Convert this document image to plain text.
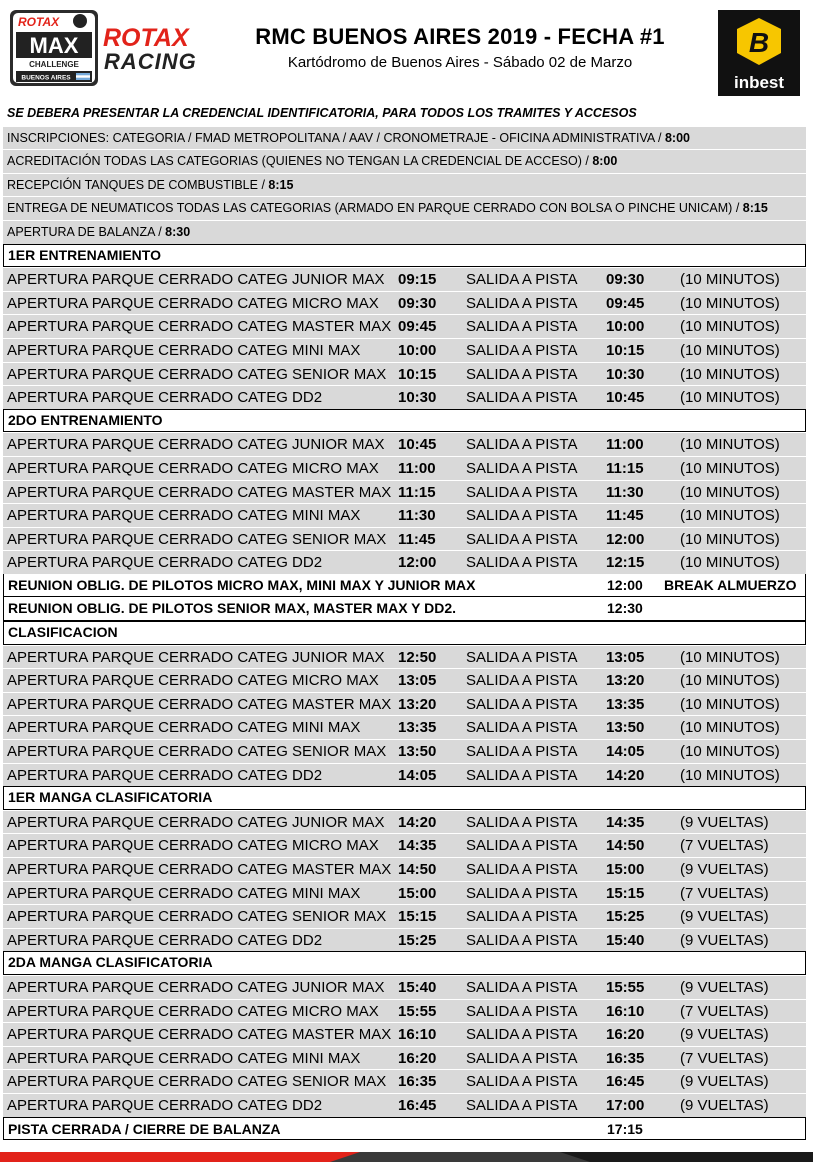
ROTAX
MAX
CHALLENGE
BUENOS AIRES
ROTAX
RACING
RMC BUENOS AIRES 2019 - FECHA #1
Kartódromo de Buenos Aires - Sábado 02 de Marzo
B
inbest
SE DEBERA PRESENTAR LA CREDENCIAL IDENTIFICATORIA, PARA TODOS LOS TRAMITES Y ACCESOS
INSCRIPCIONES: CATEGORIA / FMAD METROPOLITANA / AAV / CRONOMETRAJE - OFICINA ADMINISTRATIVA / 8:00
ACREDITACIÓN TODAS LAS CATEGORIAS (QUIENES NO TENGAN LA CREDENCIAL DE ACCESO) / 8:00
RECEPCIÓN TANQUES DE COMBUSTIBLE / 8:15
ENTREGA DE NEUMATICOS TODAS LAS CATEGORIAS (ARMADO EN PARQUE CERRADO CON BOLSA O PINCHE UNICAM) / 8:15
APERTURA DE BALANZA / 8:30
1ER ENTRENAMIENTO
APERTURA PARQUE CERRADO CATEG JUNIOR MAX 09:15 SALIDA A PISTA 09:30 (10 MINUTOS)
APERTURA PARQUE CERRADO CATEG MICRO MAX 09:30 SALIDA A PISTA 09:45 (10 MINUTOS)
APERTURA PARQUE CERRADO CATEG MASTER MAX 09:45 SALIDA A PISTA 10:00 (10 MINUTOS)
APERTURA PARQUE CERRADO CATEG MINI MAX	10:00 SALIDA A PISTA 10:15 (10 MINUTOS)
APERTURA PARQUE CERRADO CATEG SENIOR MAX 10:15 SALIDA A PISTA 10:30 (10 MINUTOS)
APERTURA PARQUE CERRADO CATEG DD2	10:30 SALIDA A PISTA 10:45 (10 MINUTOS)
2DO ENTRENAMIENTO
APERTURA PARQUE CERRADO CATEG JUNIOR MAX 10:45 SALIDA A PISTA 11:00 (10 MINUTOS)
APERTURA PARQUE CERRADO CATEG MICRO MAX 11:00 SALIDA A PISTA 11:15 (10 MINUTOS)
APERTURA PARQUE CERRADO CATEG MASTER MAX 11:15 SALIDA A PISTA 11:30 (10 MINUTOS)
APERTURA PARQUE CERRADO CATEG MINI MAX	11:30 SALIDA A PISTA 11:45 (10 MINUTOS)
APERTURA PARQUE CERRADO CATEG SENIOR MAX 11:45 SALIDA A PISTA 12:00 (10 MINUTOS)
APERTURA PARQUE CERRADO CATEG DD2	12:00 SALIDA A PISTA 12:15 (10 MINUTOS)
REUNION OBLIG. DE PILOTOS MICRO MAX, MINI MAX Y JUNIOR MAX	12:00 BREAK ALMUERZO
REUNION OBLIG. DE PILOTOS SENIOR MAX, MASTER MAX Y DD2.	12:30
CLASIFICACION
APERTURA PARQUE CERRADO CATEG JUNIOR MAX 12:50 SALIDA A PISTA 13:05 (10 MINUTOS)
APERTURA PARQUE CERRADO CATEG MICRO MAX 13:05 SALIDA A PISTA 13:20 (10 MINUTOS)
APERTURA PARQUE CERRADO CATEG MASTER MAX 13:20 SALIDA A PISTA 13:35 (10 MINUTOS)
APERTURA PARQUE CERRADO CATEG MINI MAX	13:35 SALIDA A PISTA 13:50 (10 MINUTOS)
APERTURA PARQUE CERRADO CATEG SENIOR MAX 13:50 SALIDA A PISTA 14:05 (10 MINUTOS)
APERTURA PARQUE CERRADO CATEG DD2	14:05 SALIDA A PISTA 14:20 (10 MINUTOS)
1ER MANGA CLASIFICATORIA
APERTURA PARQUE CERRADO CATEG JUNIOR MAX 14:20 SALIDA A PISTA 14:35 (9 VUELTAS)
APERTURA PARQUE CERRADO CATEG MICRO MAX 14:35 SALIDA A PISTA 14:50 (7 VUELTAS)
APERTURA PARQUE CERRADO CATEG MASTER MAX 14:50 SALIDA A PISTA 15:00 (9 VUELTAS)
APERTURA PARQUE CERRADO CATEG MINI MAX	15:00 SALIDA A PISTA 15:15 (7 VUELTAS)
APERTURA PARQUE CERRADO CATEG SENIOR MAX 15:15 SALIDA A PISTA 15:25 (9 VUELTAS)
APERTURA PARQUE CERRADO CATEG DD2	15:25 SALIDA A PISTA 15:40 (9 VUELTAS)
2DA MANGA CLASIFICATORIA
APERTURA PARQUE CERRADO CATEG JUNIOR MAX 15:40 SALIDA A PISTA 15:55 (9 VUELTAS)
APERTURA PARQUE CERRADO CATEG MICRO MAX 15:55 SALIDA A PISTA 16:10 (7 VUELTAS)
APERTURA PARQUE CERRADO CATEG MASTER MAX 16:10 SALIDA A PISTA 16:20 (9 VUELTAS)
APERTURA PARQUE CERRADO CATEG MINI MAX	16:20 SALIDA A PISTA 16:35 (7 VUELTAS)
APERTURA PARQUE CERRADO CATEG SENIOR MAX 16:35 SALIDA A PISTA 16:45 (9 VUELTAS)
APERTURA PARQUE CERRADO CATEG DD2	16:45 SALIDA A PISTA 17:00 (9 VUELTAS)
PISTA CERRADA / CIERRE DE BALANZA	17:15
